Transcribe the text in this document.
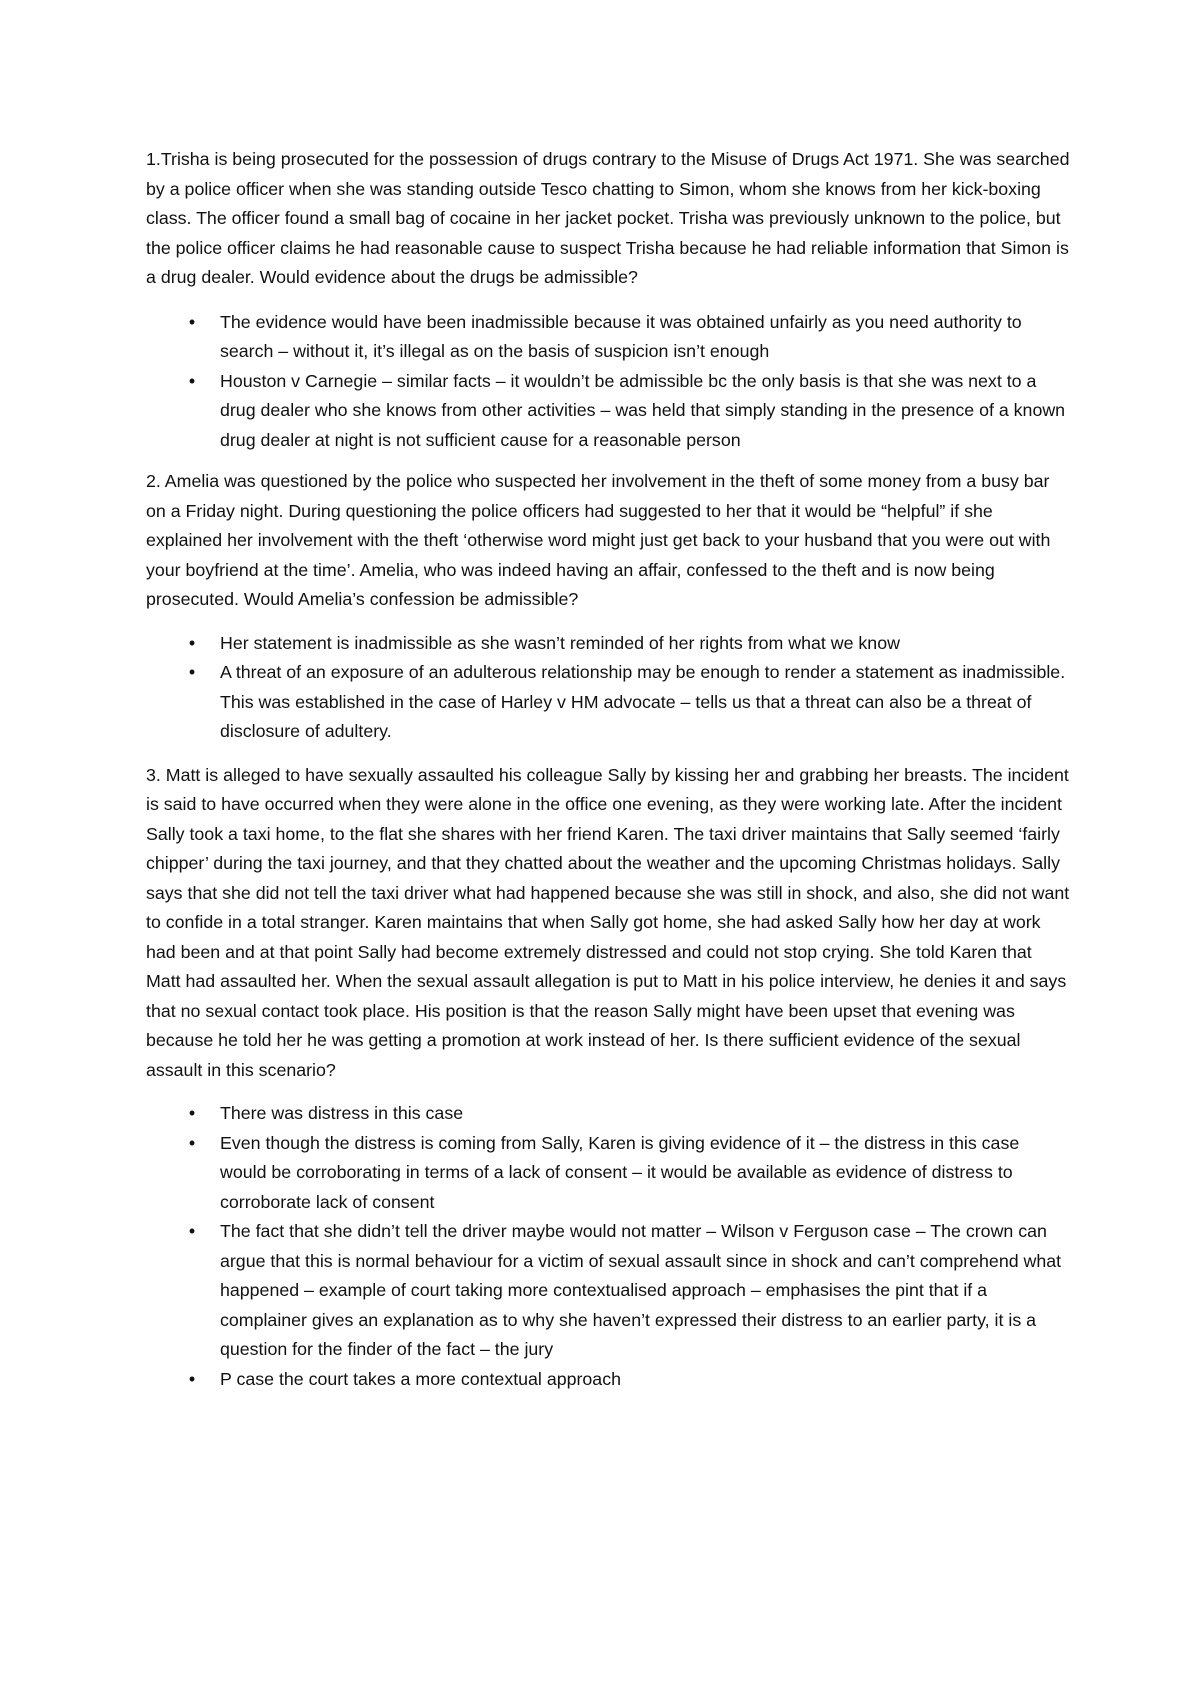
1.Trisha is being prosecuted for the possession of drugs contrary to the Misuse of Drugs Act 1971. She was searched by a police officer when she was standing outside Tesco chatting to Simon, whom she knows from her kick-boxing class. The officer found a small bag of cocaine in her jacket pocket. Trisha was previously unknown to the police, but the police officer claims he had reasonable cause to suspect Trisha because he had reliable information that Simon is a drug dealer. Would evidence about the drugs be admissible?

•	The evidence would have been inadmissible because it was obtained unfairly as you need authority to search – without it, it’s illegal as on the basis of suspicion isn’t enough
•	Houston v Carnegie – similar facts – it wouldn’t be admissible bc the only basis is that she was next to a drug dealer who she knows from other activities – was held that simply standing in the presence of a known drug dealer at night is not sufficient cause for a reasonable person

2. Amelia was questioned by the police who suspected her involvement in the theft of some money from a busy bar on a Friday night. During questioning the police officers had suggested to her that it would be “helpful” if she explained her involvement with the theft ‘otherwise word might just get back to your husband that you were out with your boyfriend at the time’. Amelia, who was indeed having an affair, confessed to the theft and is now being prosecuted. Would Amelia’s confession be admissible?

•	Her statement is inadmissible as she wasn’t reminded of her rights from what we know
•	A threat of an exposure of an adulterous relationship may be enough to render a statement as inadmissible. This was established in the case of Harley v HM advocate – tells us that a threat can also be a threat of disclosure of adultery.

3. Matt is alleged to have sexually assaulted his colleague Sally by kissing her and grabbing her breasts. The incident is said to have occurred when they were alone in the office one evening, as they were working late. After the incident Sally took a taxi home, to the flat she shares with her friend Karen. The taxi driver maintains that Sally seemed ‘fairly chipper’ during the taxi journey, and that they chatted about the weather and the upcoming Christmas holidays. Sally says that she did not tell the taxi driver what had happened because she was still in shock, and also, she did not want to confide in a total stranger. Karen maintains that when Sally got home, she had asked Sally how her day at work had been and at that point Sally had become extremely distressed and could not stop crying. She told Karen that Matt had assaulted her. When the sexual assault allegation is put to Matt in his police interview, he denies it and says that no sexual contact took place. His position is that the reason Sally might have been upset that evening was because he told her he was getting a promotion at work instead of her. Is there sufficient evidence of the sexual assault in this scenario?

•	There was distress in this case
•	Even though the distress is coming from Sally, Karen is giving evidence of it – the distress in this case would be corroborating in terms of a lack of consent – it would be available as evidence of distress to corroborate lack of consent
•	The fact that she didn’t tell the driver maybe would not matter – Wilson v Ferguson case – The crown can argue that this is normal behaviour for a victim of sexual assault since in shock and can’t comprehend what happened – example of court taking more contextualised approach – emphasises the pint that if a complainer gives an explanation as to why she haven’t expressed their distress to an earlier party, it is a question for the finder of the fact – the jury
•	P case the court takes a more contextual approach
